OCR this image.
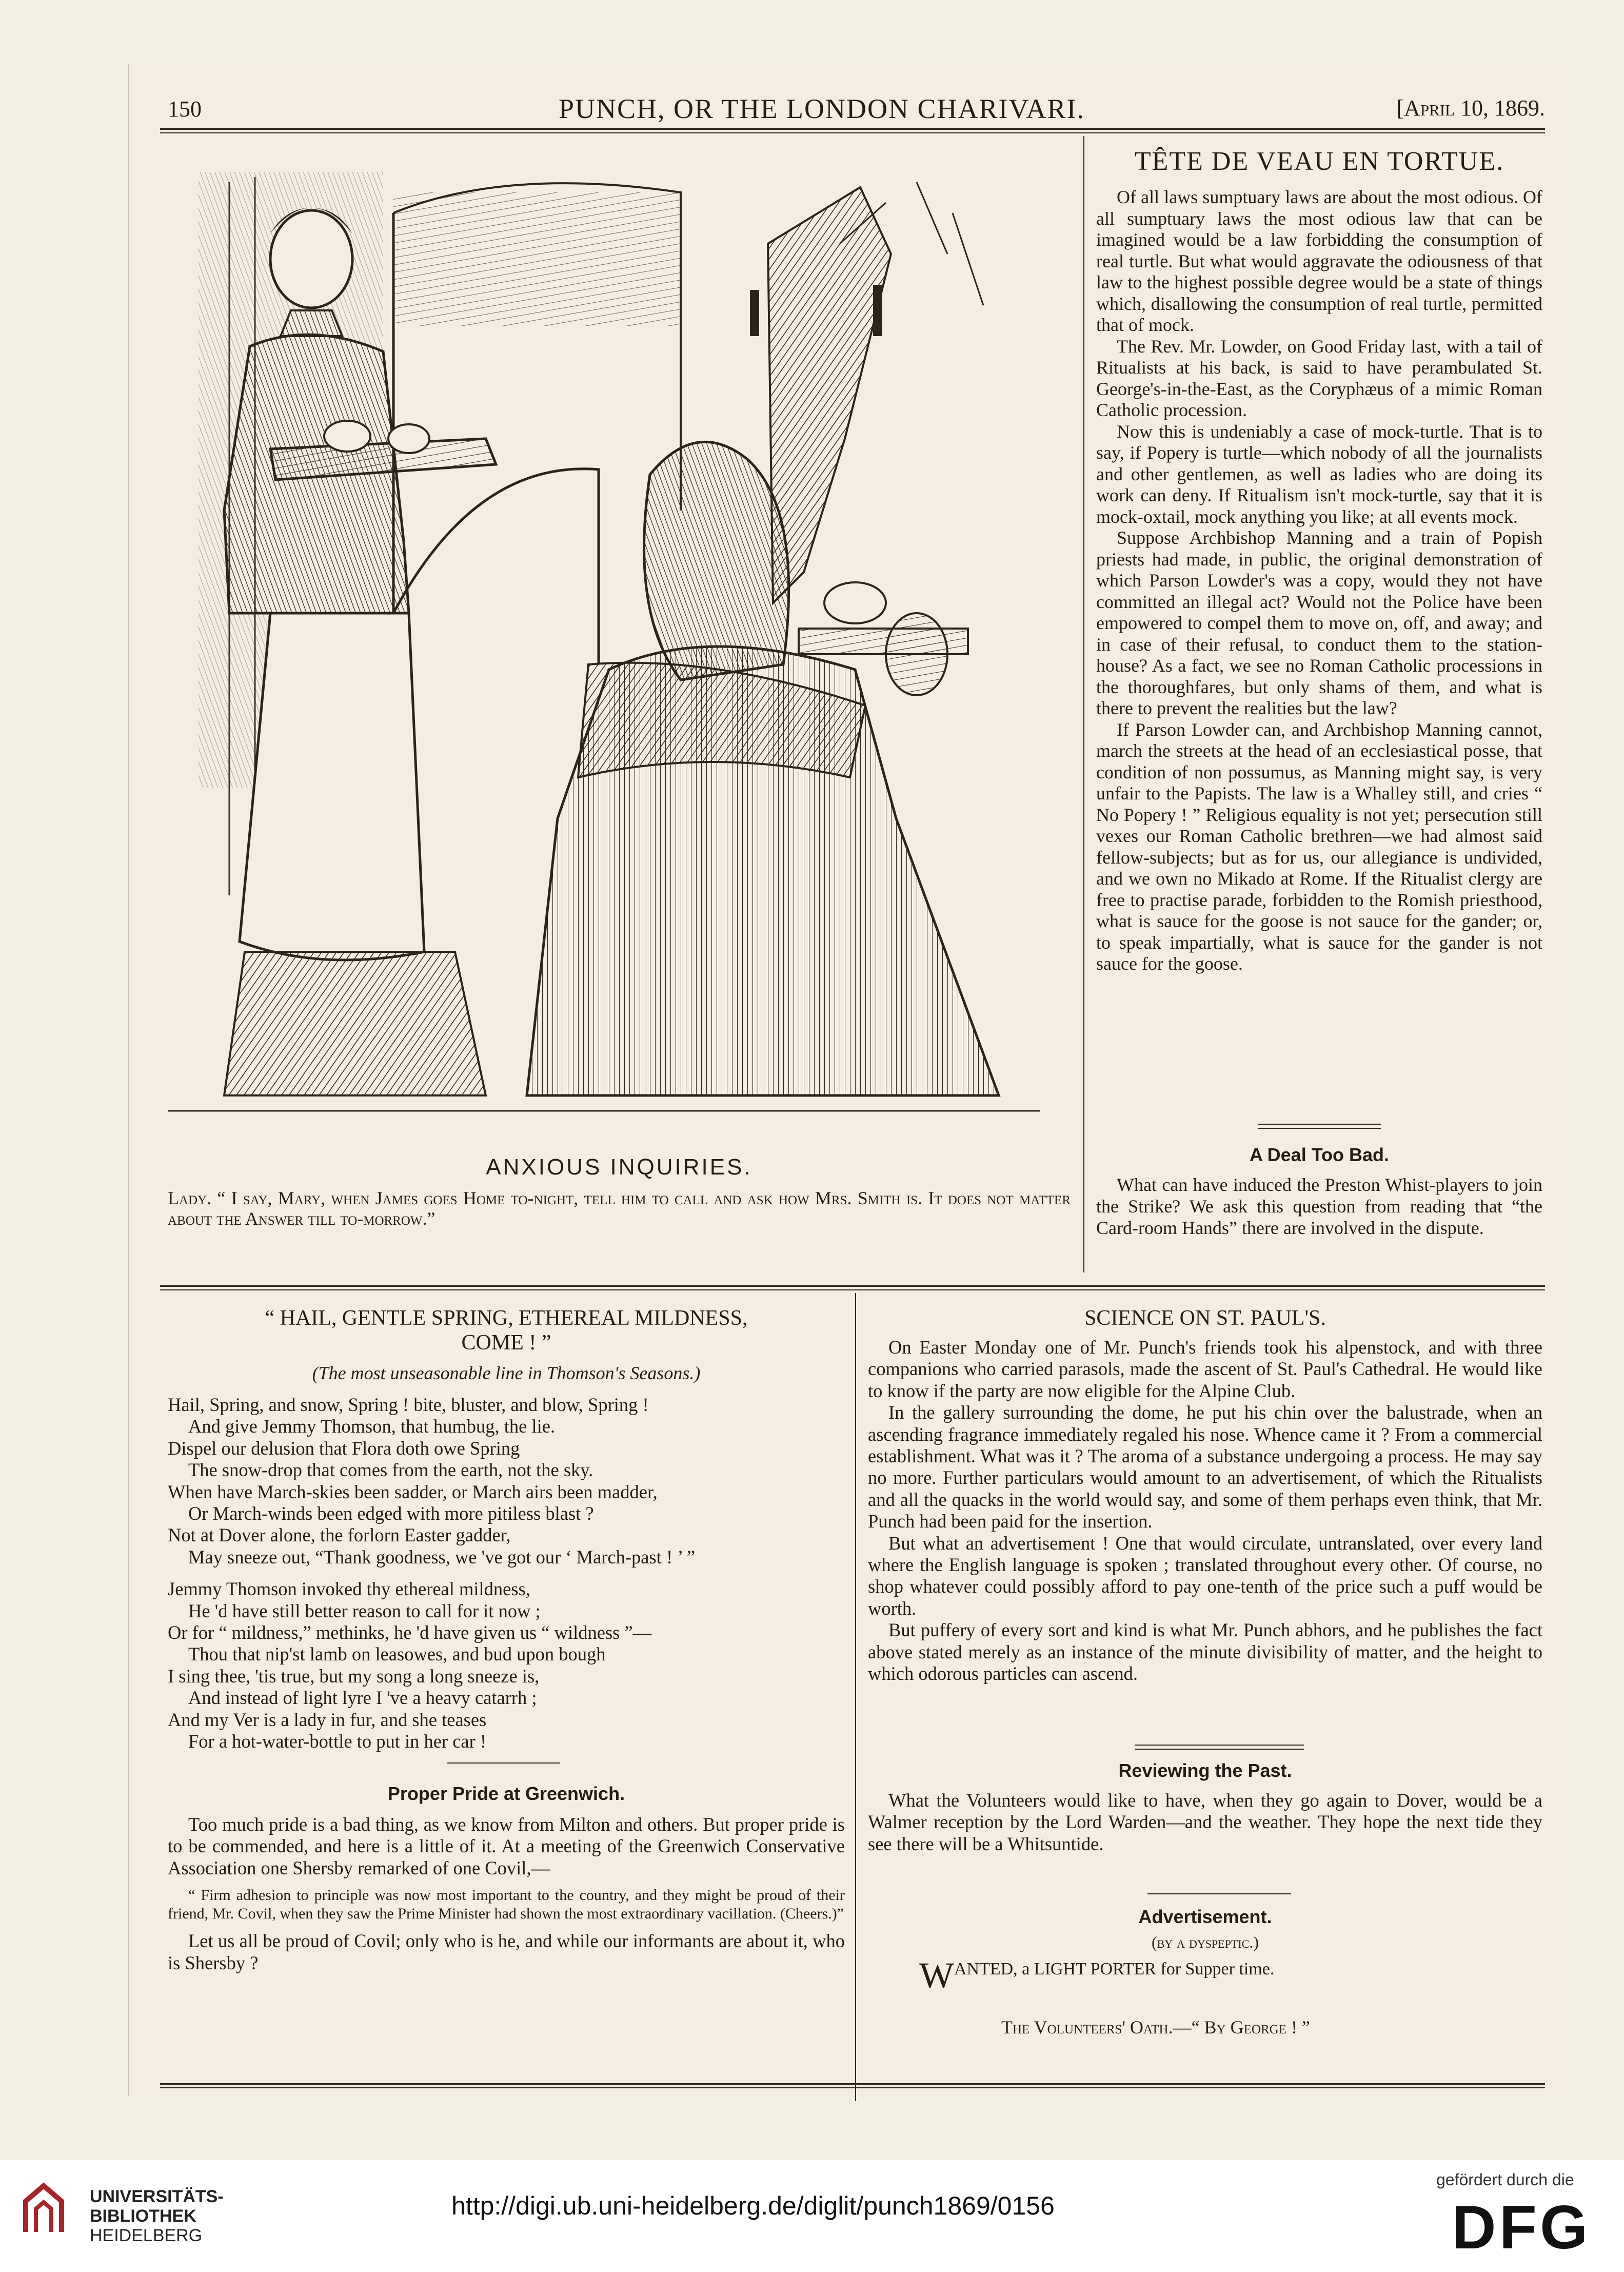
150	PUNCH, OR THE LONDON CHARIVARI.	[April 10, 1869.
ANXIOUS INQUIRIES.
Lady. “ I say, Mary, when James goes Home to-night, tell him to call and ask how Mrs. Smith is. It does not matter about the Answer till to-morrow.”
TÊTE DE VEAU EN TORTUE.

Of all laws sumptuary laws are about the most odious. Of all sumptuary laws the most odious law that can be imagined would be a law forbidding the consumption of real turtle. But what would aggravate the odiousness of that law to the highest possible degree would be a state of things which, disallowing the consumption of real turtle, permitted that of mock.

The Rev. Mr. Lowder, on Good Friday last, with a tail of Ritualists at his back, is said to have perambulated St. George's-in-the-East, as the Coryphæus of a mimic Roman Catholic procession.

Now this is undeniably a case of mock-turtle. That is to say, if Popery is turtle—which nobody of all the journalists and other gentlemen, as well as ladies who are doing its work can deny. If Ritualism isn't mock-turtle, say that it is mock-oxtail, mock anything you like; at all events mock.

Suppose Archbishop Manning and a train of Popish priests had made, in public, the original demonstration of which Parson Lowder's was a copy, would they not have committed an illegal act? Would not the Police have been empowered to compel them to move on, off, and away; and in case of their refusal, to conduct them to the station-house? As a fact, we see no Roman Catholic processions in the thoroughfares, but only shams of them, and what is there to prevent the realities but the law?

If Parson Lowder can, and Archbishop Manning cannot, march the streets at the head of an ecclesiastical posse, that condition of non possumus, as Manning might say, is very unfair to the Papists. The law is a Whalley still, and cries “ No Popery ! ” Religious equality is not yet; persecution still vexes our Roman Catholic brethren—we had almost said fellow-subjects; but as for us, our allegiance is undivided, and we own no Mikado at Rome. If the Ritualist clergy are free to practise parade, forbidden to the Romish priesthood, what is sauce for the goose is not sauce for the gander; or, to speak impartially, what is sauce for the gander is not sauce for the goose.

A Deal Too Bad.

What can have induced the Preston Whist-players to join the Strike? We ask this question from reading that “the Card-room Hands” there are involved in the dispute.

“ HAIL, GENTLE SPRING, ETHEREAL MILDNESS,
COME ! ”
(The most unseasonable line in Thomson's Seasons.)
Hail, Spring, and snow, Spring ! bite, bluster, and blow, Spring !
And give Jemmy Thomson, that humbug, the lie.
Dispel our delusion that Flora doth owe Spring
The snow-drop that comes from the earth, not the sky.
When have March-skies been sadder, or March airs been madder,
Or March-winds been edged with more pitiless blast ?
Not at Dover alone, the forlorn Easter gadder,
May sneeze out, “Thank goodness, we 've got our ‘ March-past ! ’ ”
Jemmy Thomson invoked thy ethereal mildness,
He 'd have still better reason to call for it now ;
Or for “ mildness,” methinks, he 'd have given us “ wildness ”—
Thou that nip'st lamb on leasowes, and bud upon bough
I sing thee, 'tis true, but my song a long sneeze is,
And instead of light lyre I 've a heavy catarrh ;
And my Ver is a lady in fur, and she teases
For a hot-water-bottle to put in her car !
Proper Pride at Greenwich.

Too much pride is a bad thing, as we know from Milton and others. But proper pride is to be commended, and here is a little of it. At a meeting of the Greenwich Conservative Association one Shersby remarked of one Covil,—

“ Firm adhesion to principle was now most important to the country, and they might be proud of their friend, Mr. Covil, when they saw the Prime Minister had shown the most extraordinary vacillation. (Cheers.)”

Let us all be proud of Covil; only who is he, and while our informants are about it, who is Shersby ?

SCIENCE ON ST. PAUL'S.

On Easter Monday one of Mr. Punch's friends took his alpenstock, and with three companions who carried parasols, made the ascent of St. Paul's Cathedral. He would like to know if the party are now eligible for the Alpine Club.

In the gallery surrounding the dome, he put his chin over the balustrade, when an ascending fragrance immediately regaled his nose. Whence came it ? From a commercial establishment. What was it ? The aroma of a substance undergoing a process. He may say no more. Further particulars would amount to an advertisement, of which the Ritualists and all the quacks in the world would say, and some of them perhaps even think, that Mr. Punch had been paid for the insertion.

But what an advertisement ! One that would circulate, untranslated, over every land where the English language is spoken ; translated throughout every other. Of course, no shop whatever could possibly afford to pay one-tenth of the price such a puff would be worth.

But puffery of every sort and kind is what Mr. Punch abhors, and he publishes the fact above stated merely as an instance of the minute divisibility of matter, and the height to which odorous particles can ascend.

Reviewing the Past.

What the Volunteers would like to have, when they go again to Dover, would be a Walmer reception by the Lord Warden—and the weather. They hope the next tide they see there will be a Whitsuntide.

Advertisement.
(by a dyspeptic.)
WANTED, a LIGHT PORTER for Supper time.
The Volunteers' Oath.—“ By George ! ”
UNIVERSITÄTS-
BIBLIOTHEK
HEIDELBERG
http://digi.ub.uni-heidelberg.de/diglit/punch1869/0156
gefördert durch die
DFG
